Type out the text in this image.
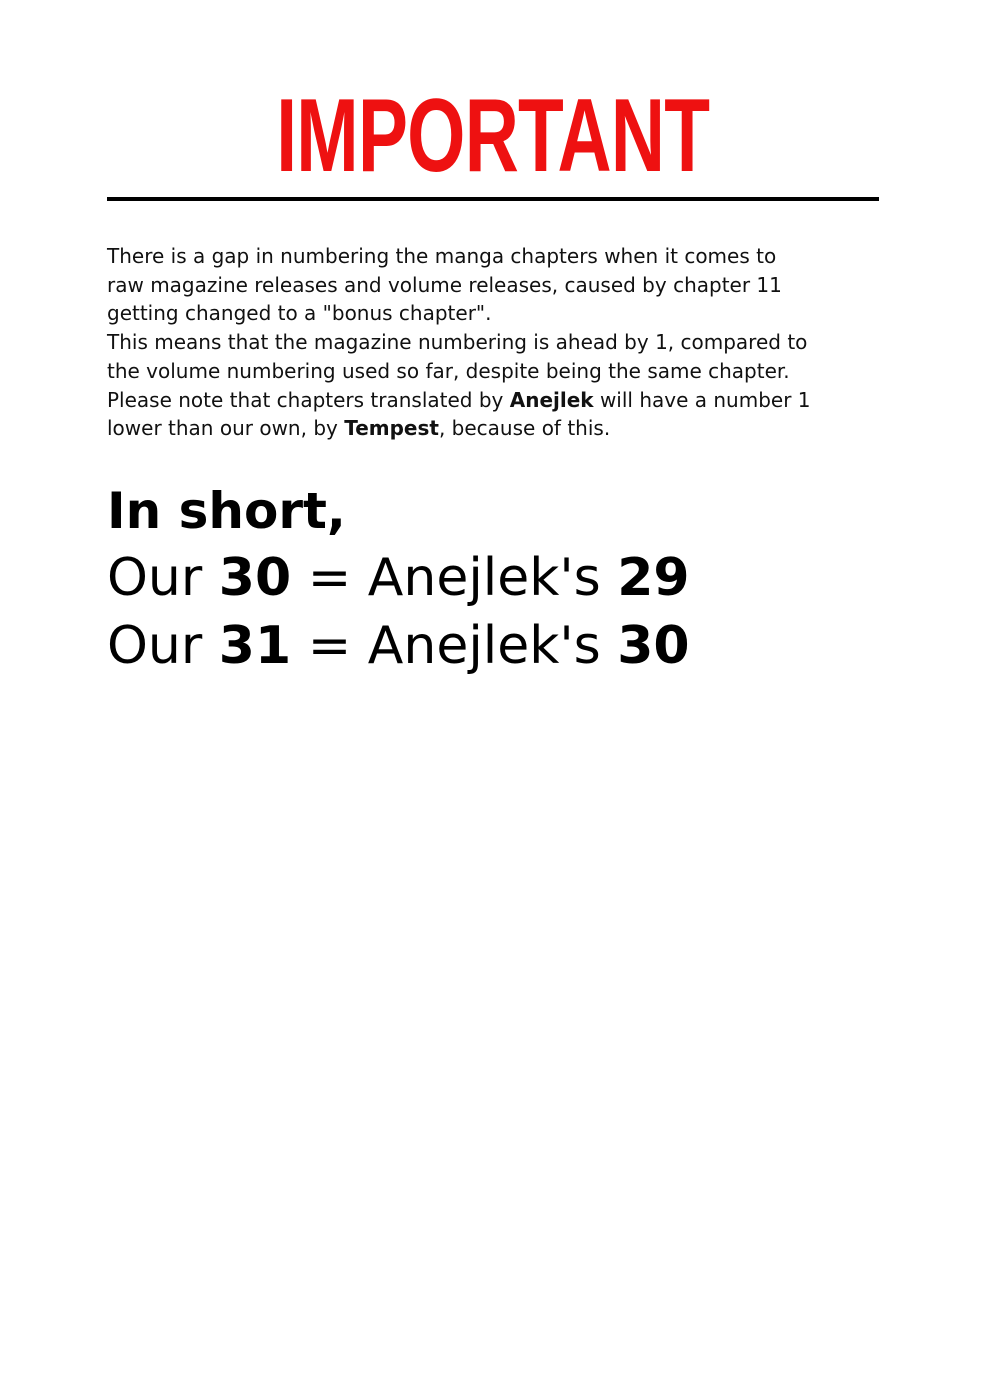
IMPORTANT

There is a gap in numbering the manga chapters when it comes to
raw magazine releases and volume releases, caused by chapter 11
getting changed to a "bonus chapter".
This means that the magazine numbering is ahead by 1, compared to
the volume numbering used so far, despite being the same chapter.
Please note that chapters translated by Anejlek will have a number 1
lower than our own, by Tempest, because of this.

In short,
Our 30 = Anejlek's 29
Our 31 = Anejlek's 30
